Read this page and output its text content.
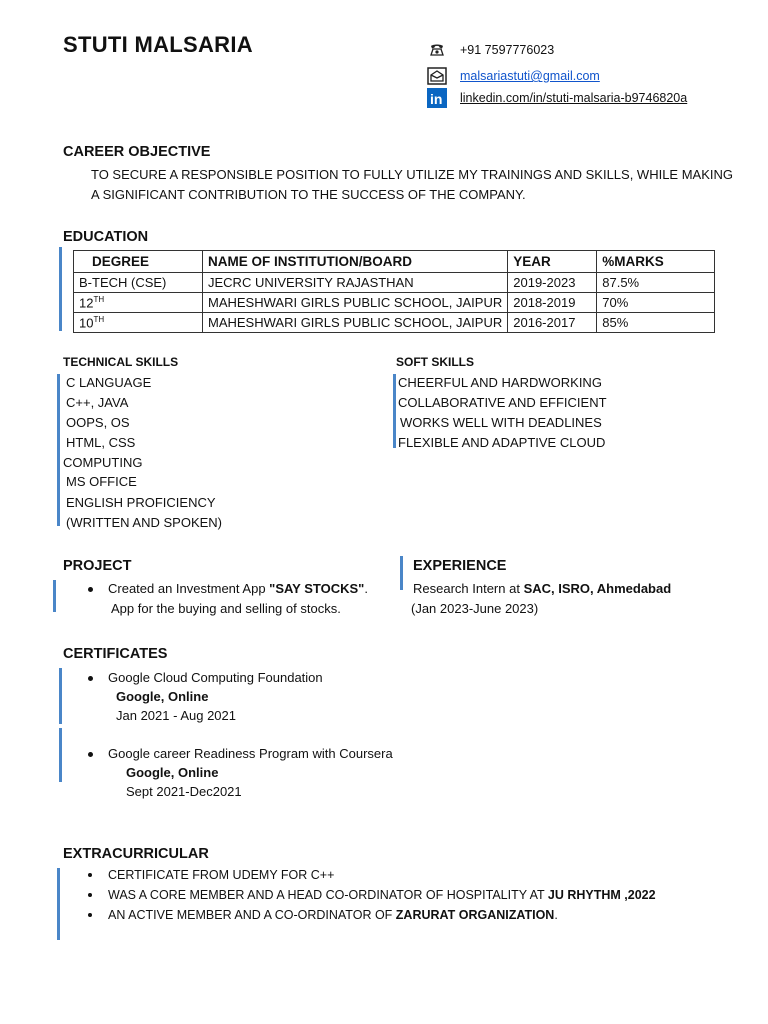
STUTI MALSARIA	+91 7597776023
malsariastuti@gmail.com
in linkedin.com/in/stuti-malsaria-b9746820a
CAREER OBJECTIVE
TO SECURE A RESPONSIBLE POSITION TO FULLY UTILIZE MY TRAININGS AND SKILLS, WHILE MAKING
A SIGNIFICANT CONTRIBUTION TO THE SUCCESS OF THE COMPANY.
EDUCATION
DEGREE	NAME OF INSTITUTION/BOARD	YEAR	%MARKS
B-TECH (CSE)	JECRC UNIVERSITY RAJASTHAN	2019-2023	87.5%
12TH	MAHESHWARI GIRLS PUBLIC SCHOOL, JAIPUR	2018-2019	70%
10TH	MAHESHWARI GIRLS PUBLIC SCHOOL, JAIPUR	2016-2017	85%
TECHNICAL SKILLS
C LANGUAGE
C++, JAVA
OOPS, OS
HTML, CSS
COMPUTING
MS OFFICE
ENGLISH PROFICIENCY
(WRITTEN AND SPOKEN)
SOFT SKILLS
CHEERFUL AND HARDWORKING
COLLABORATIVE AND EFFICIENT
WORKS WELL WITH DEADLINES
FLEXIBLE AND ADAPTIVE CLOUD
PROJECT
Created an Investment App "SAY STOCKS".
App for the buying and selling of stocks.
EXPERIENCE
Research Intern at SAC, ISRO, Ahmedabad
(Jan 2023-June 2023)
CERTIFICATES
Google Cloud Computing Foundation
Google, Online
Jan 2021 - Aug 2021
Google career Readiness Program with Coursera
Google, Online
Sept 2021-Dec2021
EXTRACURRICULAR
CERTIFICATE FROM UDEMY FOR C++
WAS A CORE MEMBER AND A HEAD CO-ORDINATOR OF HOSPITALITY AT JU RHYTHM ,2022
AN ACTIVE MEMBER AND A CO-ORDINATOR OF ZARURAT ORGANIZATION.
